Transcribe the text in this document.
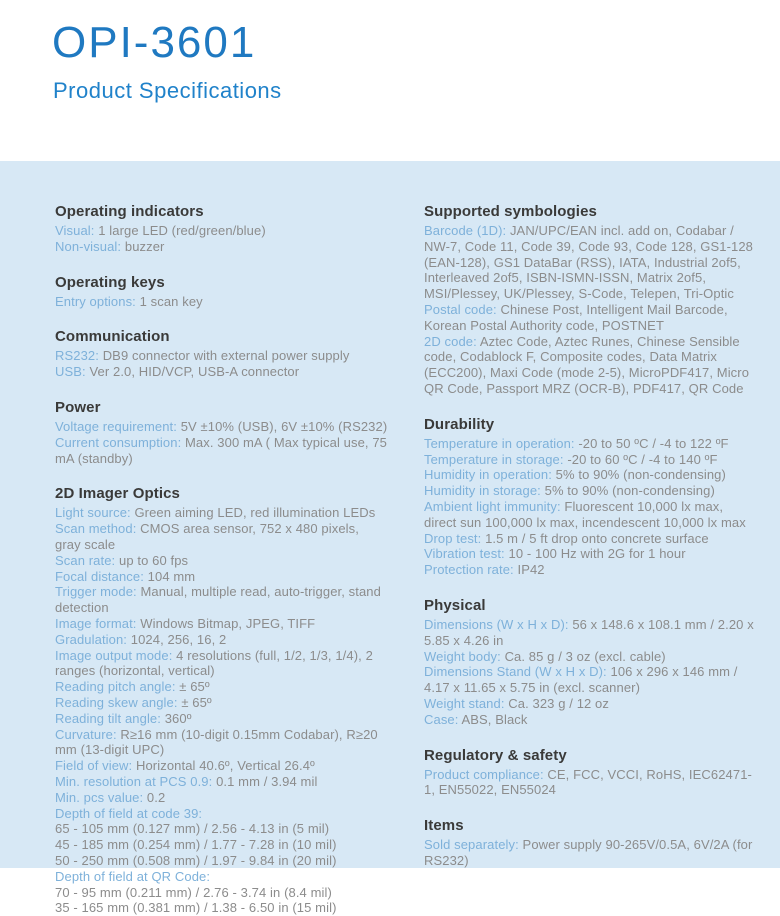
OPI-3601
Product Specifications
Operating indicators

Visual: 1 large LED (red/green/blue)

Non-visual: buzzer

Operating keys

Entry options: 1 scan key

Communication

RS232: DB9 connector with external power supply

USB: Ver 2.0, HID/VCP, USB-A connector

Power

Voltage requirement: 5V ±10% (USB), 6V ±10% (RS232)

Current consumption: Max. 300 mA ( Max typical use, 75 mA (standby)

2D Imager Optics

Light source: Green aiming LED, red illumination LEDs

Scan method: CMOS area sensor, 752 x 480 pixels, gray scale

Scan rate: up to 60 fps

Focal distance: 104 mm

Trigger mode: Manual, multiple read, auto-trigger, stand detection

Image format: Windows Bitmap, JPEG, TIFF

Gradulation: 1024, 256, 16, 2

Image output mode: 4 resolutions (full, 1/2, 1/3, 1/4), 2 ranges (horizontal, vertical)

Reading pitch angle: ± 65º

Reading skew angle: ± 65º

Reading tilt angle: 360º

Curvature: R≥16 mm (10-digit 0.15mm Codabar), R≥20 mm (13-digit UPC)

Field of view: Horizontal 40.6º, Vertical 26.4º

Min. resolution at PCS 0.9: 0.1 mm / 3.94 mil

Min. pcs value: 0.2

Depth of field at code 39:

65 - 105 mm (0.127 mm) / 2.56 - 4.13 in (5 mil)

45 - 185 mm (0.254 mm) / 1.77 - 7.28 in (10 mil)

50 - 250 mm (0.508 mm) / 1.97 - 9.84 in (20 mil)

Depth of field at QR Code:

70 - 95 mm (0.211 mm) / 2.76 - 3.74 in (8.4 mil)

35 - 165 mm (0.381 mm) / 1.38 - 6.50 in (15 mil)

Supported symbologies

Barcode (1D): JAN/UPC/EAN incl. add on, Codabar / NW-7, Code 11, Code 39, Code 93, Code 128, GS1-128 (EAN-128), GS1 DataBar (RSS), IATA, Industrial 2of5, Interleaved 2of5, ISBN-ISMN-ISSN, Matrix 2of5, MSI/Plessey, UK/Plessey, S-Code, Telepen, Tri-Optic

Postal code: Chinese Post, Intelligent Mail Barcode, Korean Postal Authority code, POSTNET

2D code: Aztec Code, Aztec Runes, Chinese Sensible code, Codablock F, Composite codes, Data Matrix (ECC200), Maxi Code (mode 2-5), MicroPDF417, Micro QR Code, Passport MRZ (OCR-B), PDF417, QR Code

Durability

Temperature in operation: -20 to 50 ºC / -4 to 122 ºF

Temperature in storage: -20 to 60 ºC / -4 to 140 ºF

Humidity in operation: 5% to 90% (non-condensing)

Humidity in storage: 5% to 90% (non-condensing)

Ambient light immunity: Fluorescent 10,000 lx max, direct sun 100,000 lx max, incendescent 10,000 lx max

Drop test: 1.5 m / 5 ft drop onto concrete surface

Vibration test: 10 - 100 Hz with 2G for 1 hour

Protection rate: IP42

Physical

Dimensions (W x H x D): 56 x 148.6 x 108.1 mm / 2.20 x 5.85 x 4.26 in

Weight body: Ca. 85 g / 3 oz (excl. cable)

Dimensions Stand (W x H x D): 106 x 296 x 146 mm / 4.17 x 11.65 x 5.75 in (excl. scanner)

Weight stand: Ca. 323 g / 12 oz

Case: ABS, Black

Regulatory & safety

Product compliance: CE, FCC, VCCI, RoHS, IEC62471-1, EN55022, EN55024

Items

Sold separately: Power supply 90-265V/0.5A, 6V/2A (for RS232)
